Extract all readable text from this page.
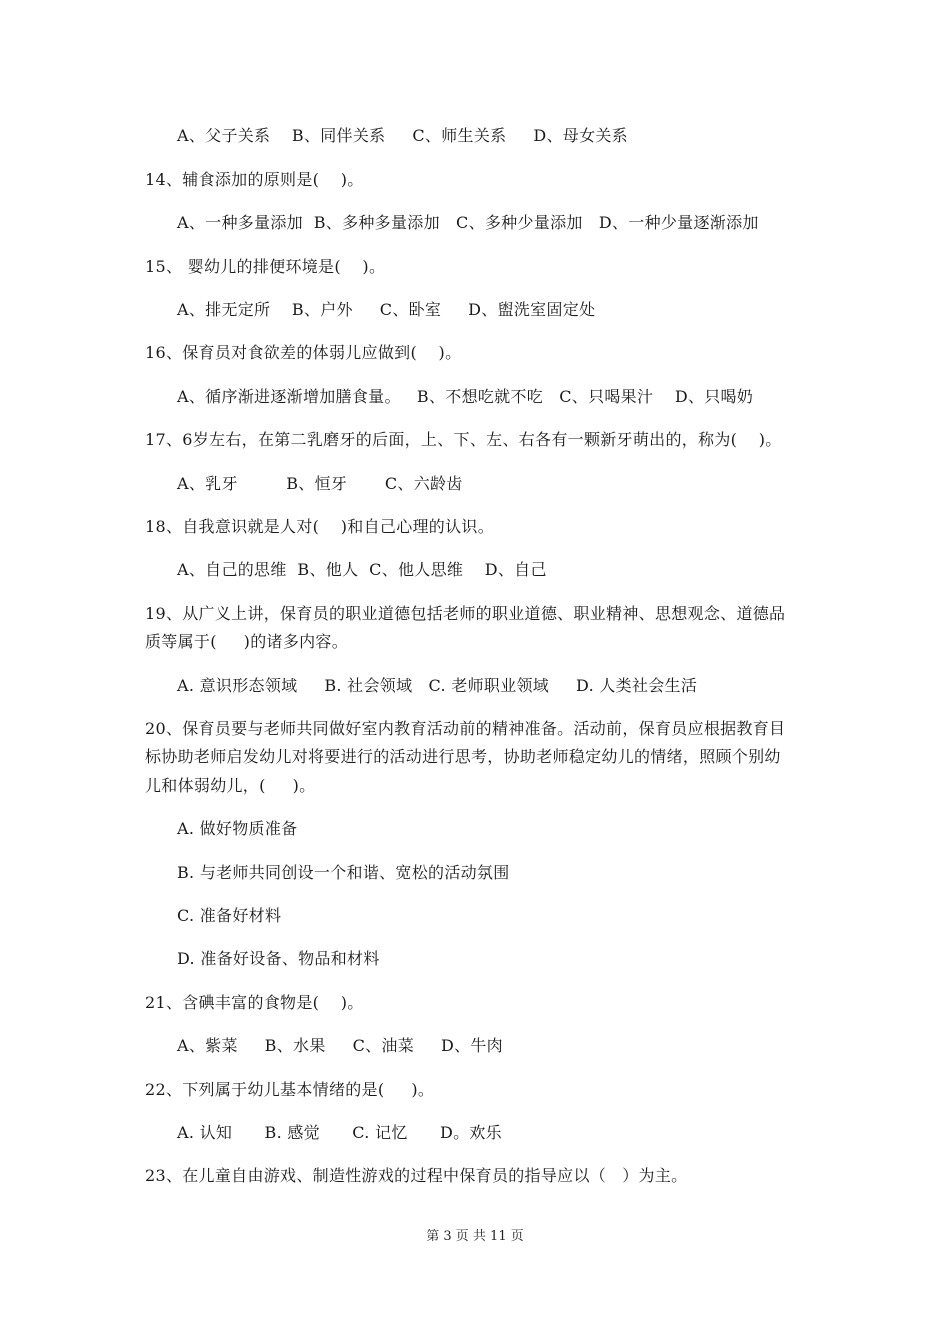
A、父子关系    B、同伴关系     C、师生关系     D、母女关系
14、辅食添加的原则是(    )。
A、一种多量添加  B、多种多量添加   C、多种少量添加   D、一种少量逐渐添加
15、 婴幼儿的排便环境是(    )。
A、排无定所    B、户外     C、卧室     D、盥洗室固定处
16、保育员对食欲差的体弱儿应做到(    )。
A、循序渐进逐渐增加膳食量。   B、不想吃就不吃   C、只喝果汁    D、只喝奶
17、6岁左右，在第二乳磨牙的后面，上、下、左、右各有一颗新牙萌出的，称为(    )。
A、乳牙         B、恒牙       C、六龄齿
18、自我意识就是人对(    )和自己心理的认识。
A、自己的思维  B、他人  C、他人思维    D、自己
19、从广义上讲，保育员的职业道德包括老师的职业道德、职业精神、思想观念、道德品
质等属于(     )的诸多内容。
A. 意识形态领域     B. 社会领域   C. 老师职业领域     D. 人类社会生活
20、保育员要与老师共同做好室内教育活动前的精神准备。活动前，保育员应根据教育目
标协助老师启发幼儿对将要进行的活动进行思考，协助老师稳定幼儿的情绪，照顾个别幼
儿和体弱幼儿，(     )。
A. 做好物质准备
B. 与老师共同创设一个和谐、宽松的活动氛围
C. 准备好材料
D. 准备好设备、物品和材料
21、含碘丰富的食物是(    )。
A、紫菜     B、水果     C、油菜     D、牛肉
22、下列属于幼儿基本情绪的是(     )。
A. 认知      B. 感觉      C. 记忆      D。欢乐
23、在儿童自由游戏、制造性游戏的过程中保育员的指导应以（   ）为主。
第 3 页 共 11 页
